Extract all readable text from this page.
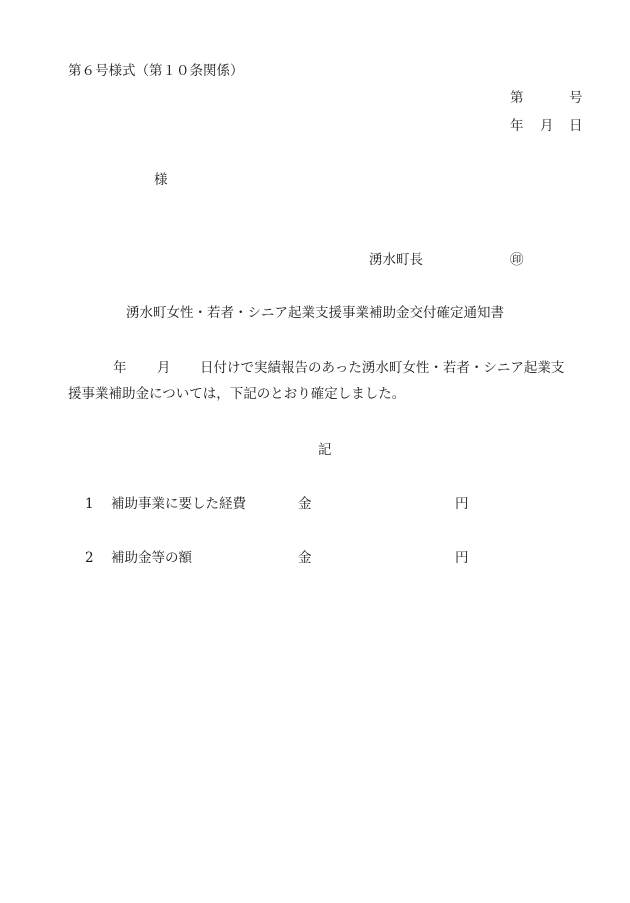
第６号様式（第１０条関係）
第	号
年 月 日
様
湧水町長	㊞
湧水町女性・若者・シニア起業支援事業補助金交付確定通知書
年 月 日付けで実績報告のあった湧水町女性・若者・シニア起業支
援事業補助金については，下記のとおり確定しました。
記
1 補助事業に要した経費	金	円
2 補助金等の額	金	円
